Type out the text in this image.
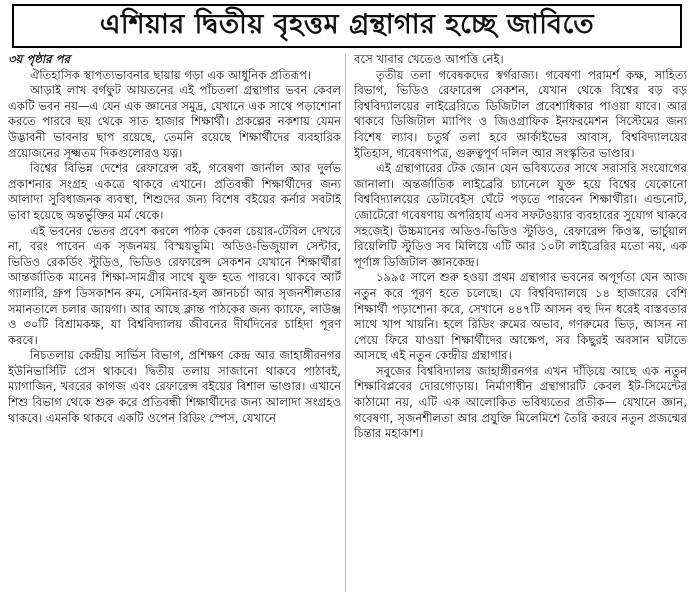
এশিয়ার দ্বিতীয় বৃহত্তম গ্রন্থাগার হচ্ছে জাবিতে
৩য় পৃষ্ঠার পর

ঐতিহাসিক স্থাপত্যভাবনার ছায়ায় গড়া এক আধুনিক প্রতিরূপ।

আড়াই লাখ বর্গফুট আয়তনের এই পাঁচতলা গ্রন্থাগার ভবন কেবল একটি ভবন নয়—এ যেন এক জ্ঞানের সমুদ্র, যেখানে এক সাথে পড়াশোনা করতে পারবে ছয় থেকে সাত হাজার শিক্ষার্থী। প্রকল্পের নকশায় যেমন উদ্ভাবনী ভাবনার ছাপ রয়েছে, তেমনি রয়েছে শিক্ষার্থীদের ব্যবহারিক প্রয়োজনের সূক্ষ্মতম দিকগুলোরও যত্ন।

বিশ্বের বিভিন্ন দেশের রেফারেন্স বই, গবেষণা জার্নাল আর দুর্লভ প্রকাশনার সংগ্রহ একত্রে থাকবে এখানে। প্রতিবন্ধী শিক্ষার্থীদের জন্য আলাদা সুবিধাজনক ব্যবস্থা, শিশুদের জন্য বিশেষ বইয়ের কর্নার সবটাই ভাবা হয়েছে অন্তর্ভুক্তির মর্ম থেকে।

এই ভবনের ভেতর প্রবেশ করলে পাঠক কেবল চেয়ার-টেবিল দেখবে না, বরং পাবেন এক সৃজনময় বিস্ময়ভূমি। অডিও-ভিজুয়াল সেন্টার, ভিডিও রেকর্ডিং স্টুডিও, ভিডিও রেফারেন্স সেকশন যেখানে শিক্ষার্থীরা আন্তর্জাতিক মানের শিক্ষা-সামগ্রীর সাথে যুক্ত হতে পারবে। থাকবে আর্ট গ্যালারি, গ্রুপ ডিসকাশন রুম, সেমিনার-হল জ্ঞানচর্চা আর সৃজনশীলতার সমানতালে চলার জায়গা। আর আছে ক্লান্ত পাঠকের জন্য ক্যাফে, লাউঞ্জ ও ৩০টি বিশ্রামকক্ষ, যা বিশ্ববিদ্যালয় জীবনের দীর্ঘদিনের চাহিদা পূরণ করবে।

নিচতলায় কেন্দ্রীয় সার্ভিস বিভাগ, প্রশিক্ষণ কেন্দ্র আর জাহাঙ্গীরনগর ইউনিভার্সিটি প্রেস থাকবে। দ্বিতীয় তলায় সাজানো থাকবে পাঠাবই, ম্যাগাজিন, খবরের কাগজ এবং রেফারেন্স বইয়ের বিশাল ভাণ্ডার। এখানে শিশু বিভাগ থেকে শুরু করে প্রতিবন্ধী শিক্ষার্থীদের জন্য আলাদা সংগ্রহও থাকবে। এমনকি থাকবে একটি ওপেন রিডিং স্পেস, যেখানে

বসে খাবার খেতেও আপত্তি নেই।

তৃতীয় তলা গবেষকদের স্বর্গরাজ্য। গবেষণা পরামর্শ কক্ষ, সাহিত্য বিভাগ, ভিডিও রেফারেন্স সেকশন, যেখান থেকে বিশ্বের বড় বড় বিশ্ববিদ্যালয়ের লাইব্রেরিতে ডিজিটাল প্রবেশাধিকার পাওয়া যাবে। আর থাকবে ডিজিটাল ম্যাপিং ও জিওগ্রাফিক ইনফরমেশন সিস্টেমের জন্য বিশেষ ল্যাব। চতুর্থ তলা হবে আর্কাইভের আবাস, বিশ্ববিদ্যালয়ের ইতিহাস, গবেষণাপত্র, গুরুত্বপূর্ণ দলিল আর সংস্কৃতির ভাণ্ডার।

এই গ্রন্থাগারের টেক জোন যেন ভবিষ্যতের সাথে সরাসরি সংযোগের জানালা। অন্তর্জাতিক লাইব্রেরি চ্যানেলে যুক্ত হয়ে বিশ্বের যেকোনো বিশ্ববিদ্যালয়ের ডেটাবেইস ঘেঁটে পড়তে পারবেন শিক্ষার্থীরা। এন্ডনোট, জোটেরো গবেষণায় অপরিহার্য এসব সফটওয়্যার ব্যবহারের সুযোগ থাকবে সহজেই। উচ্চমানের অডিও-ভিডিও স্টুডিও, রেফারেন্স কিওস্ক, ভার্চুয়াল রিয়েলিটি স্টুডিও সব মিলিয়ে এটি আর ১০টা লাইব্রেরির মতো নয়, এক পূর্ণাঙ্গ ডিজিটাল জ্ঞানকেন্দ্র।

১৯৯৫ সালে শুরু হওয়া প্রথম গ্রন্থাগার ভবনের অপূর্ণতা যেন আজ নতুন করে পূরণ হতে চলেছে। যে বিশ্ববিদ্যালয়ে ১৪ হাজারের বেশি শিক্ষার্থী পড়াশোনা করে, সেখানে ৪৪৭টি আসন বহু দিন ধরেই বাস্তবতার সাথে খাপ খায়নি। হলে রিডিং রুমের অভাব, গণরুমের ভিড়, আসন না পেয়ে ফিরে যাওয়া শিক্ষার্থীদের আক্ষেপ, সব কিছুরই অবসান ঘটাতে আসছে এই নতুন কেন্দ্রীয় গ্রন্থাগার।

সবুজের বিশ্ববিদ্যালয় জাহাঙ্গীরনগর এখন দাঁড়িয়ে আছে এক নতুন শিক্ষাবিপ্লবের দোরগোড়ায়। নির্মাণাধীন গ্রন্থাগারটি কেবল ইট-সিমেন্টের কাঠামো নয়, এটি এক আলোকিত ভবিষ্যতের প্রতীক— যেখানে জ্ঞান, গবেষণা, সৃজনশীলতা আর প্রযুক্তি মিলেমিশে তৈরি করবে নতুন প্রজন্মের চিন্তার মহাকাশ।
